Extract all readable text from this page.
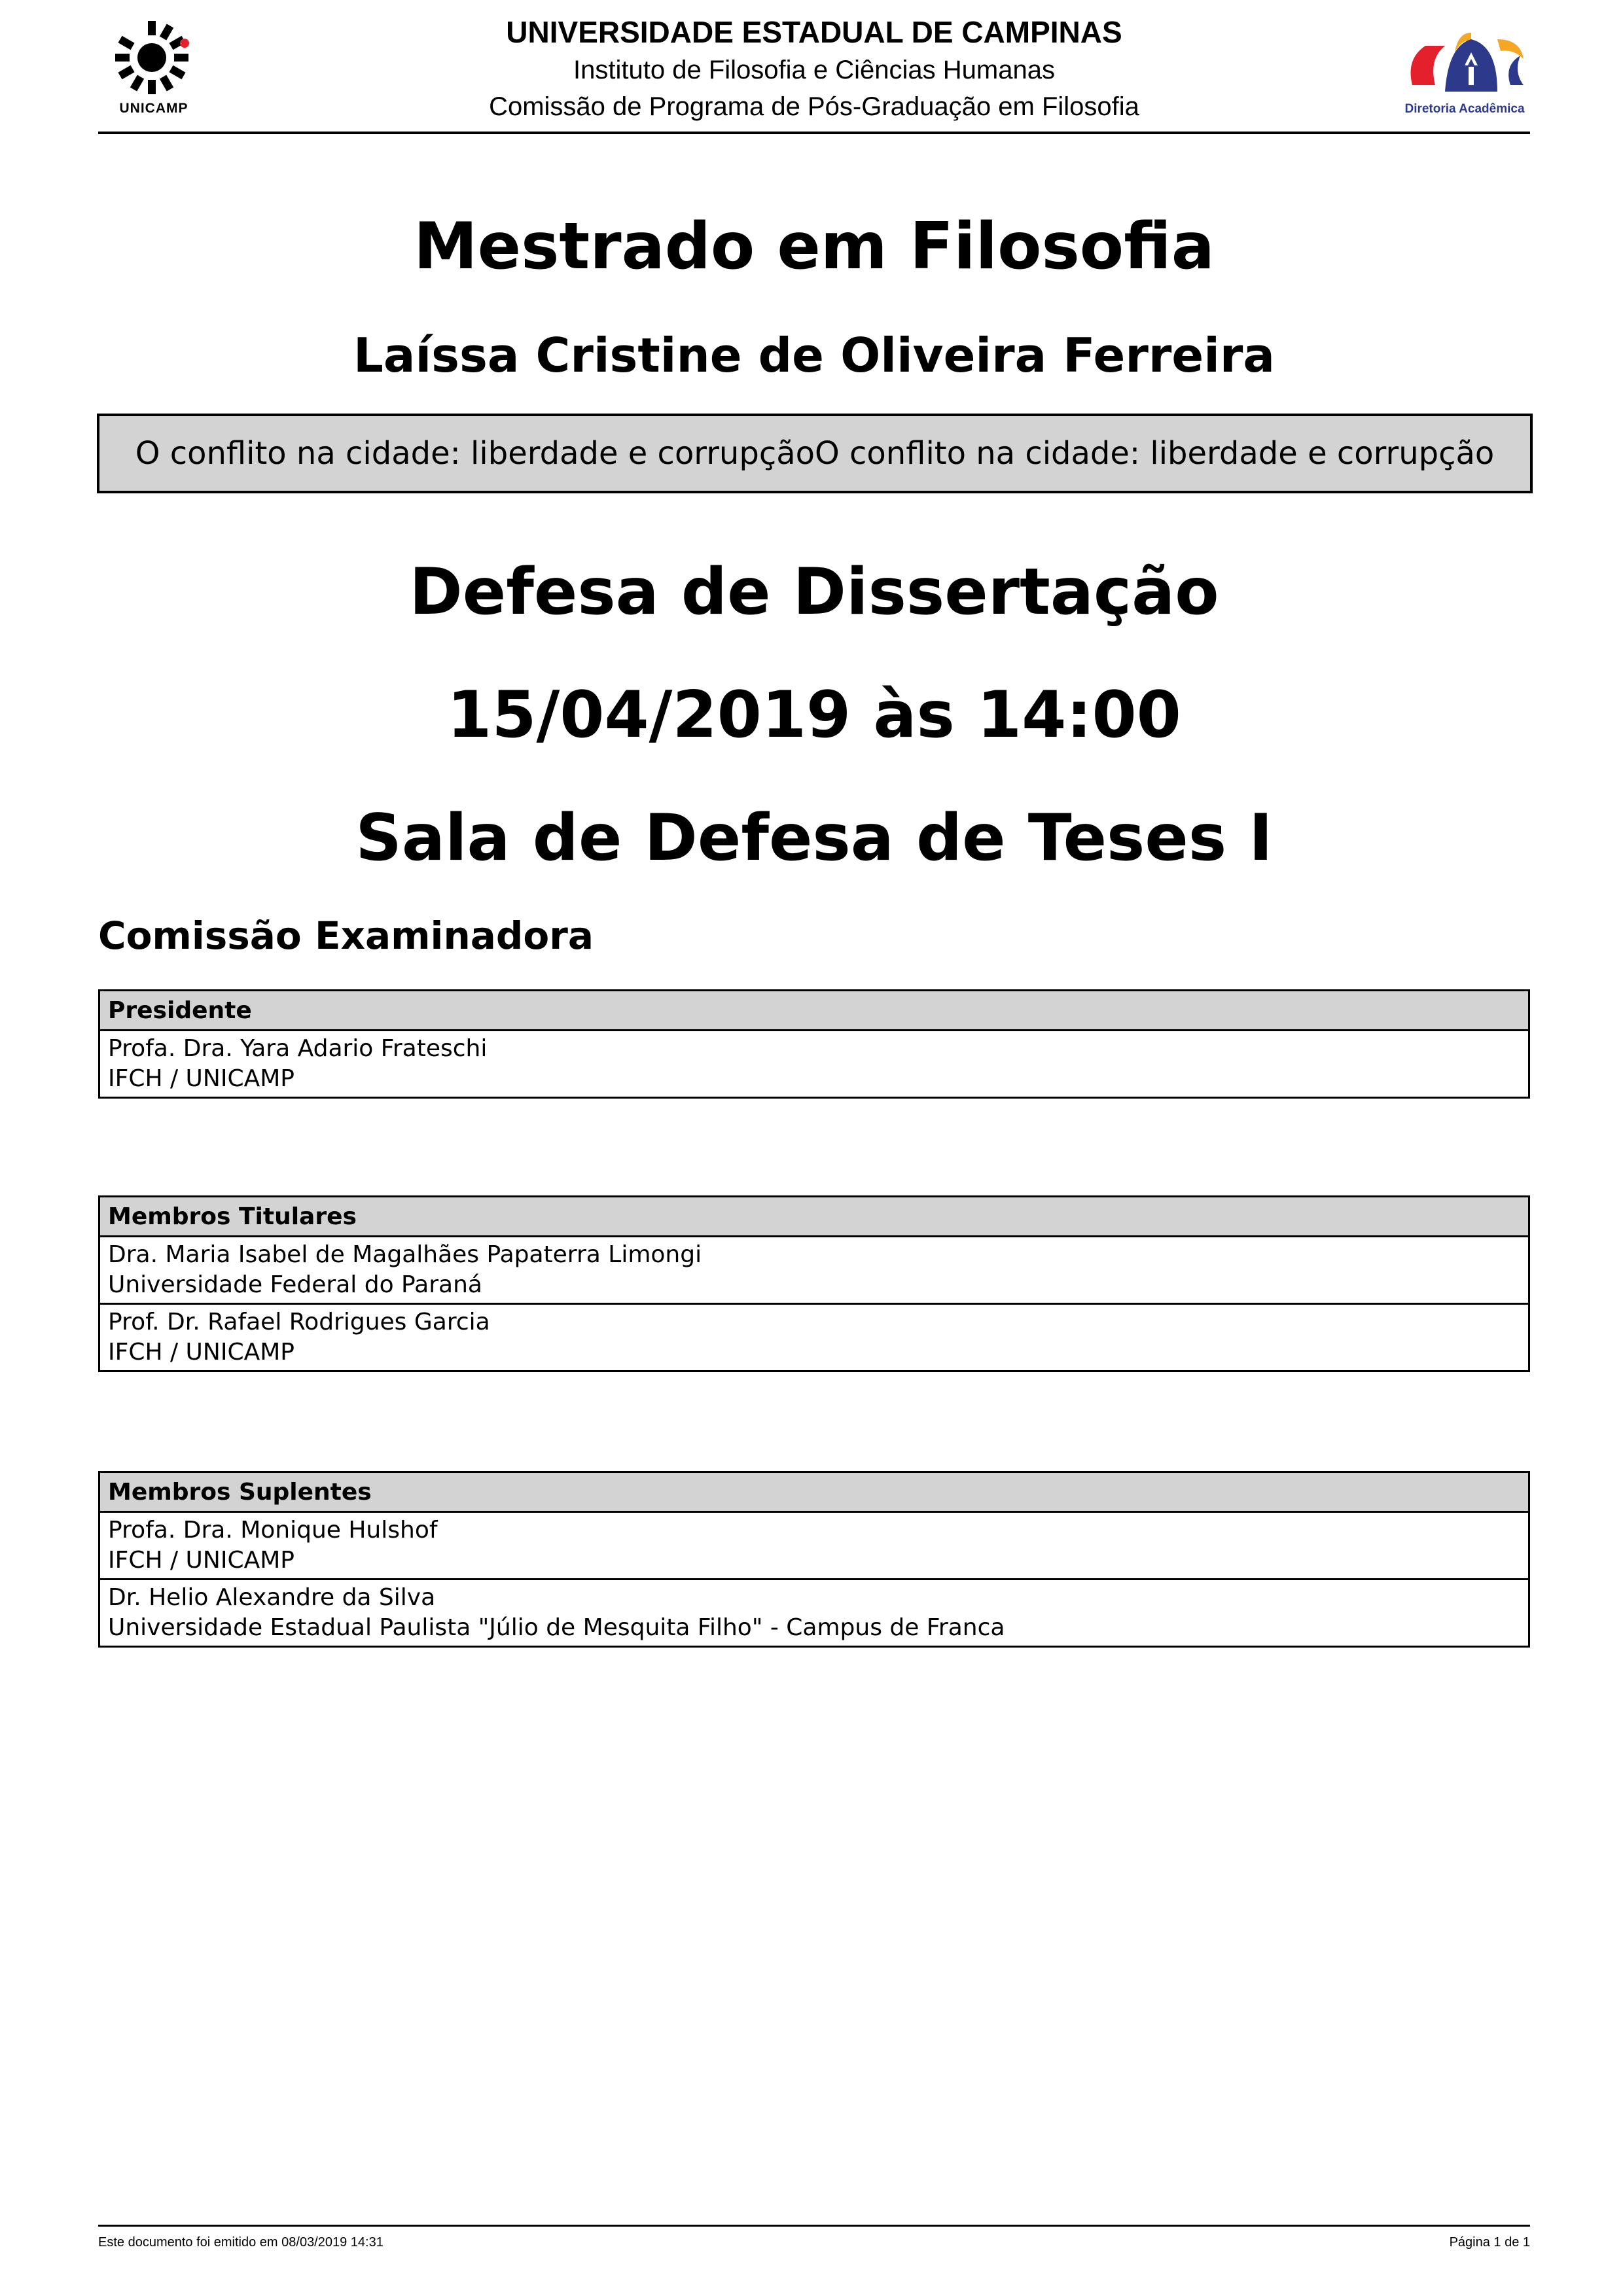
UNICAMP
UNIVERSIDADE ESTADUAL DE CAMPINAS
Instituto de Filosofia e Ciências Humanas
Comissão de Programa de Pós-Graduação em Filosofia	Diretoria Acadêmica
Mestrado em Filosofia
Laíssa Cristine de Oliveira Ferreira
O conflito na cidade: liberdade e corrupçãoO conflito na cidade: liberdade e corrupção
Defesa de Dissertação
15/04/2019 às 14:00
Sala de Defesa de Teses I
Comissão Examinadora
Presidente

Profa. Dra. Yara Adario Frateschi
IFCH / UNICAMP
Membros Titulares

Dra. Maria Isabel de Magalhães Papaterra Limongi
Universidade Federal do Paraná

Prof. Dr. Rafael Rodrigues Garcia
IFCH / UNICAMP
Membros Suplentes

Profa. Dra. Monique Hulshof
IFCH / UNICAMP

Dr. Helio Alexandre da Silva
Universidade Estadual Paulista "Júlio de Mesquita Filho" - Campus de Franca
Este documento foi emitido em 08/03/2019 14:31	Página 1 de 1
